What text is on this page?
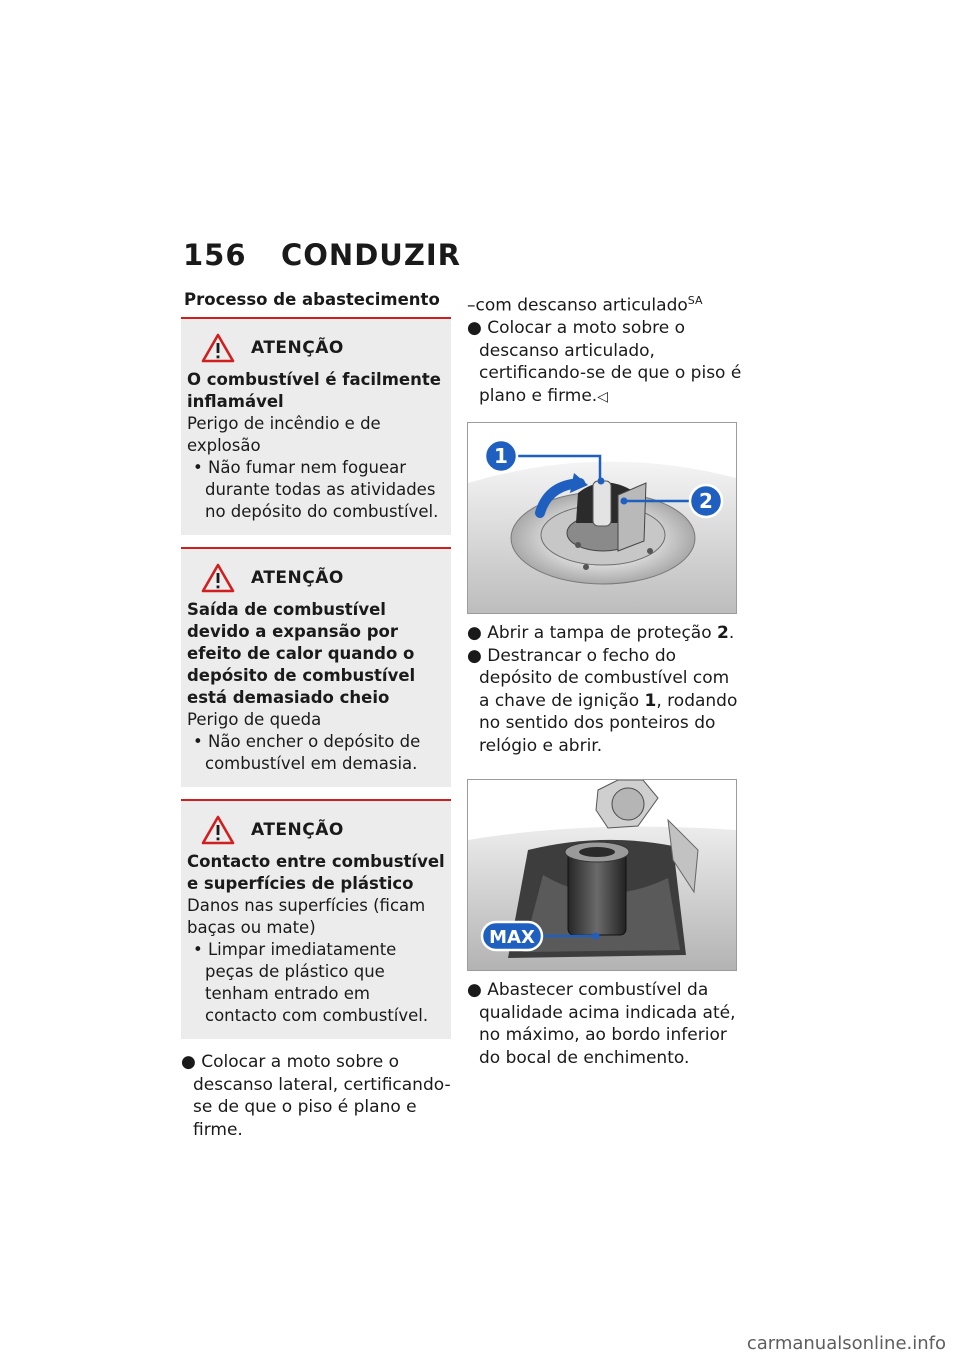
156 CONDUZIR
Processo de abastecimento
ATENÇÃO
O combustível é facilmente inflamável
Perigo de incêndio e de explosão
• Não fumar nem foguear durante todas as atividades no depósito do combustível.
ATENÇÃO
Saída de combustível devido a expansão por efeito de calor quando o depósito de combustível está demasiado cheio
Perigo de queda
• Não encher o depósito de combustível em demasia.
ATENÇÃO
Contacto entre combustível e superfícies de plástico
Danos nas superfícies (ficam baças ou mate)
• Limpar imediatamente peças de plástico que tenham entrado em contacto com combustível.
● Colocar a moto sobre o descanso lateral, certificando-se de que o piso é plano e firme.
–com descanso articulado$^{SA}$
● Colocar a moto sobre o descanso articulado, certificando-se de que o piso é plano e firme.◁
1
2
● Abrir a tampa de proteção 2.
● Destrancar o fecho do depósito de combustível com a chave de ignição 1, rodando no sentido dos ponteiros do relógio e abrir.
MAX
● Abastecer combustível da qualidade acima indicada até, no máximo, ao bordo inferior do bocal de enchimento.
carmanualsonline.info
